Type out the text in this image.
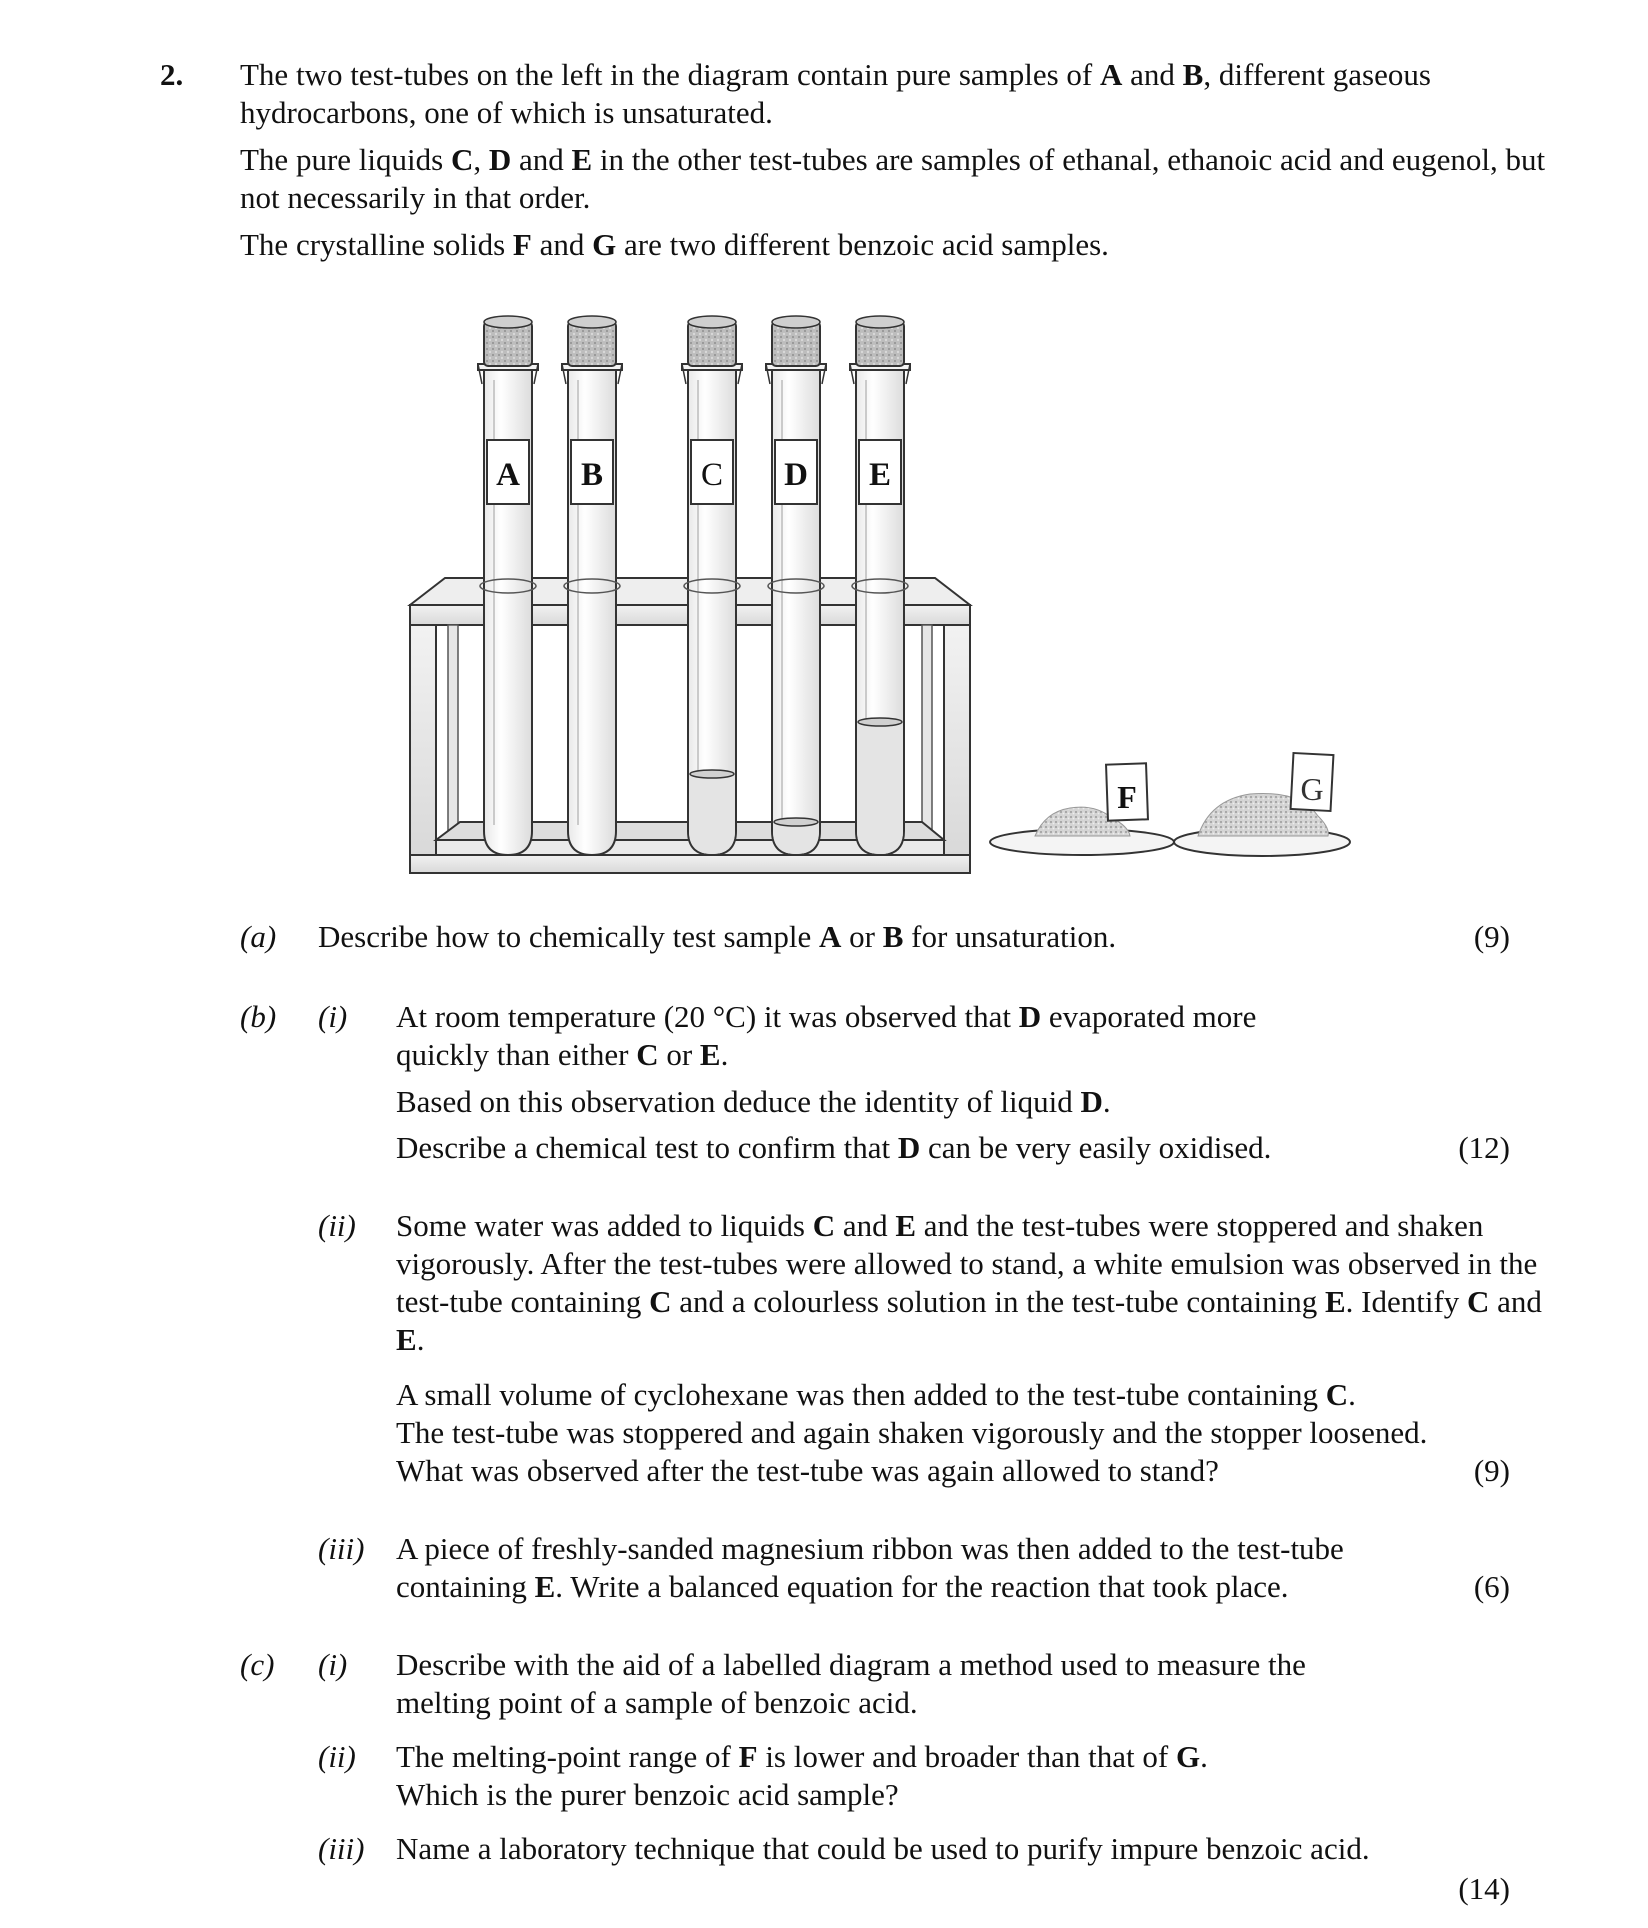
2. The two test-tubes on the left in the diagram contain pure samples of A and B, different gaseous hydrocarbons, one of which is unsaturated.
The pure liquids C, D and E in the other test-tubes are samples of ethanal, ethanoic acid and eugenol, but not necessarily in that order.
The crystalline solids F and G are two different benzoic acid samples.
A B	C D E
F	G
(a) Describe how to chemically test sample A or B for unsaturation.	(9)
(b) (i) At room temperature (20 °C) it was observed that D evaporated more quickly than either C or E.
Based on this observation deduce the identity of liquid D.
Describe a chemical test to confirm that D can be very easily oxidised.	(12)
(ii) Some water was added to liquids C and E and the test-tubes were stoppered and shaken vigorously. After the test-tubes were allowed to stand, a white emulsion was observed in the test-tube containing C and a colourless solution in the test-tube containing E. Identify C and E.
A small volume of cyclohexane was then added to the test-tube containing C.
The test-tube was stoppered and again shaken vigorously and the stopper loosened.
What was observed after the test-tube was again allowed to stand?	(9)
(iii) A piece of freshly-sanded magnesium ribbon was then added to the test-tube containing E. Write a balanced equation for the reaction that took place.	(6)
(c) (i) Describe with the aid of a labelled diagram a method used to measure the melting point of a sample of benzoic acid.
(ii) The melting-point range of F is lower and broader than that of G.
Which is the purer benzoic acid sample?
(iii) Name a laboratory technique that could be used to purify impure benzoic acid.
(14)
